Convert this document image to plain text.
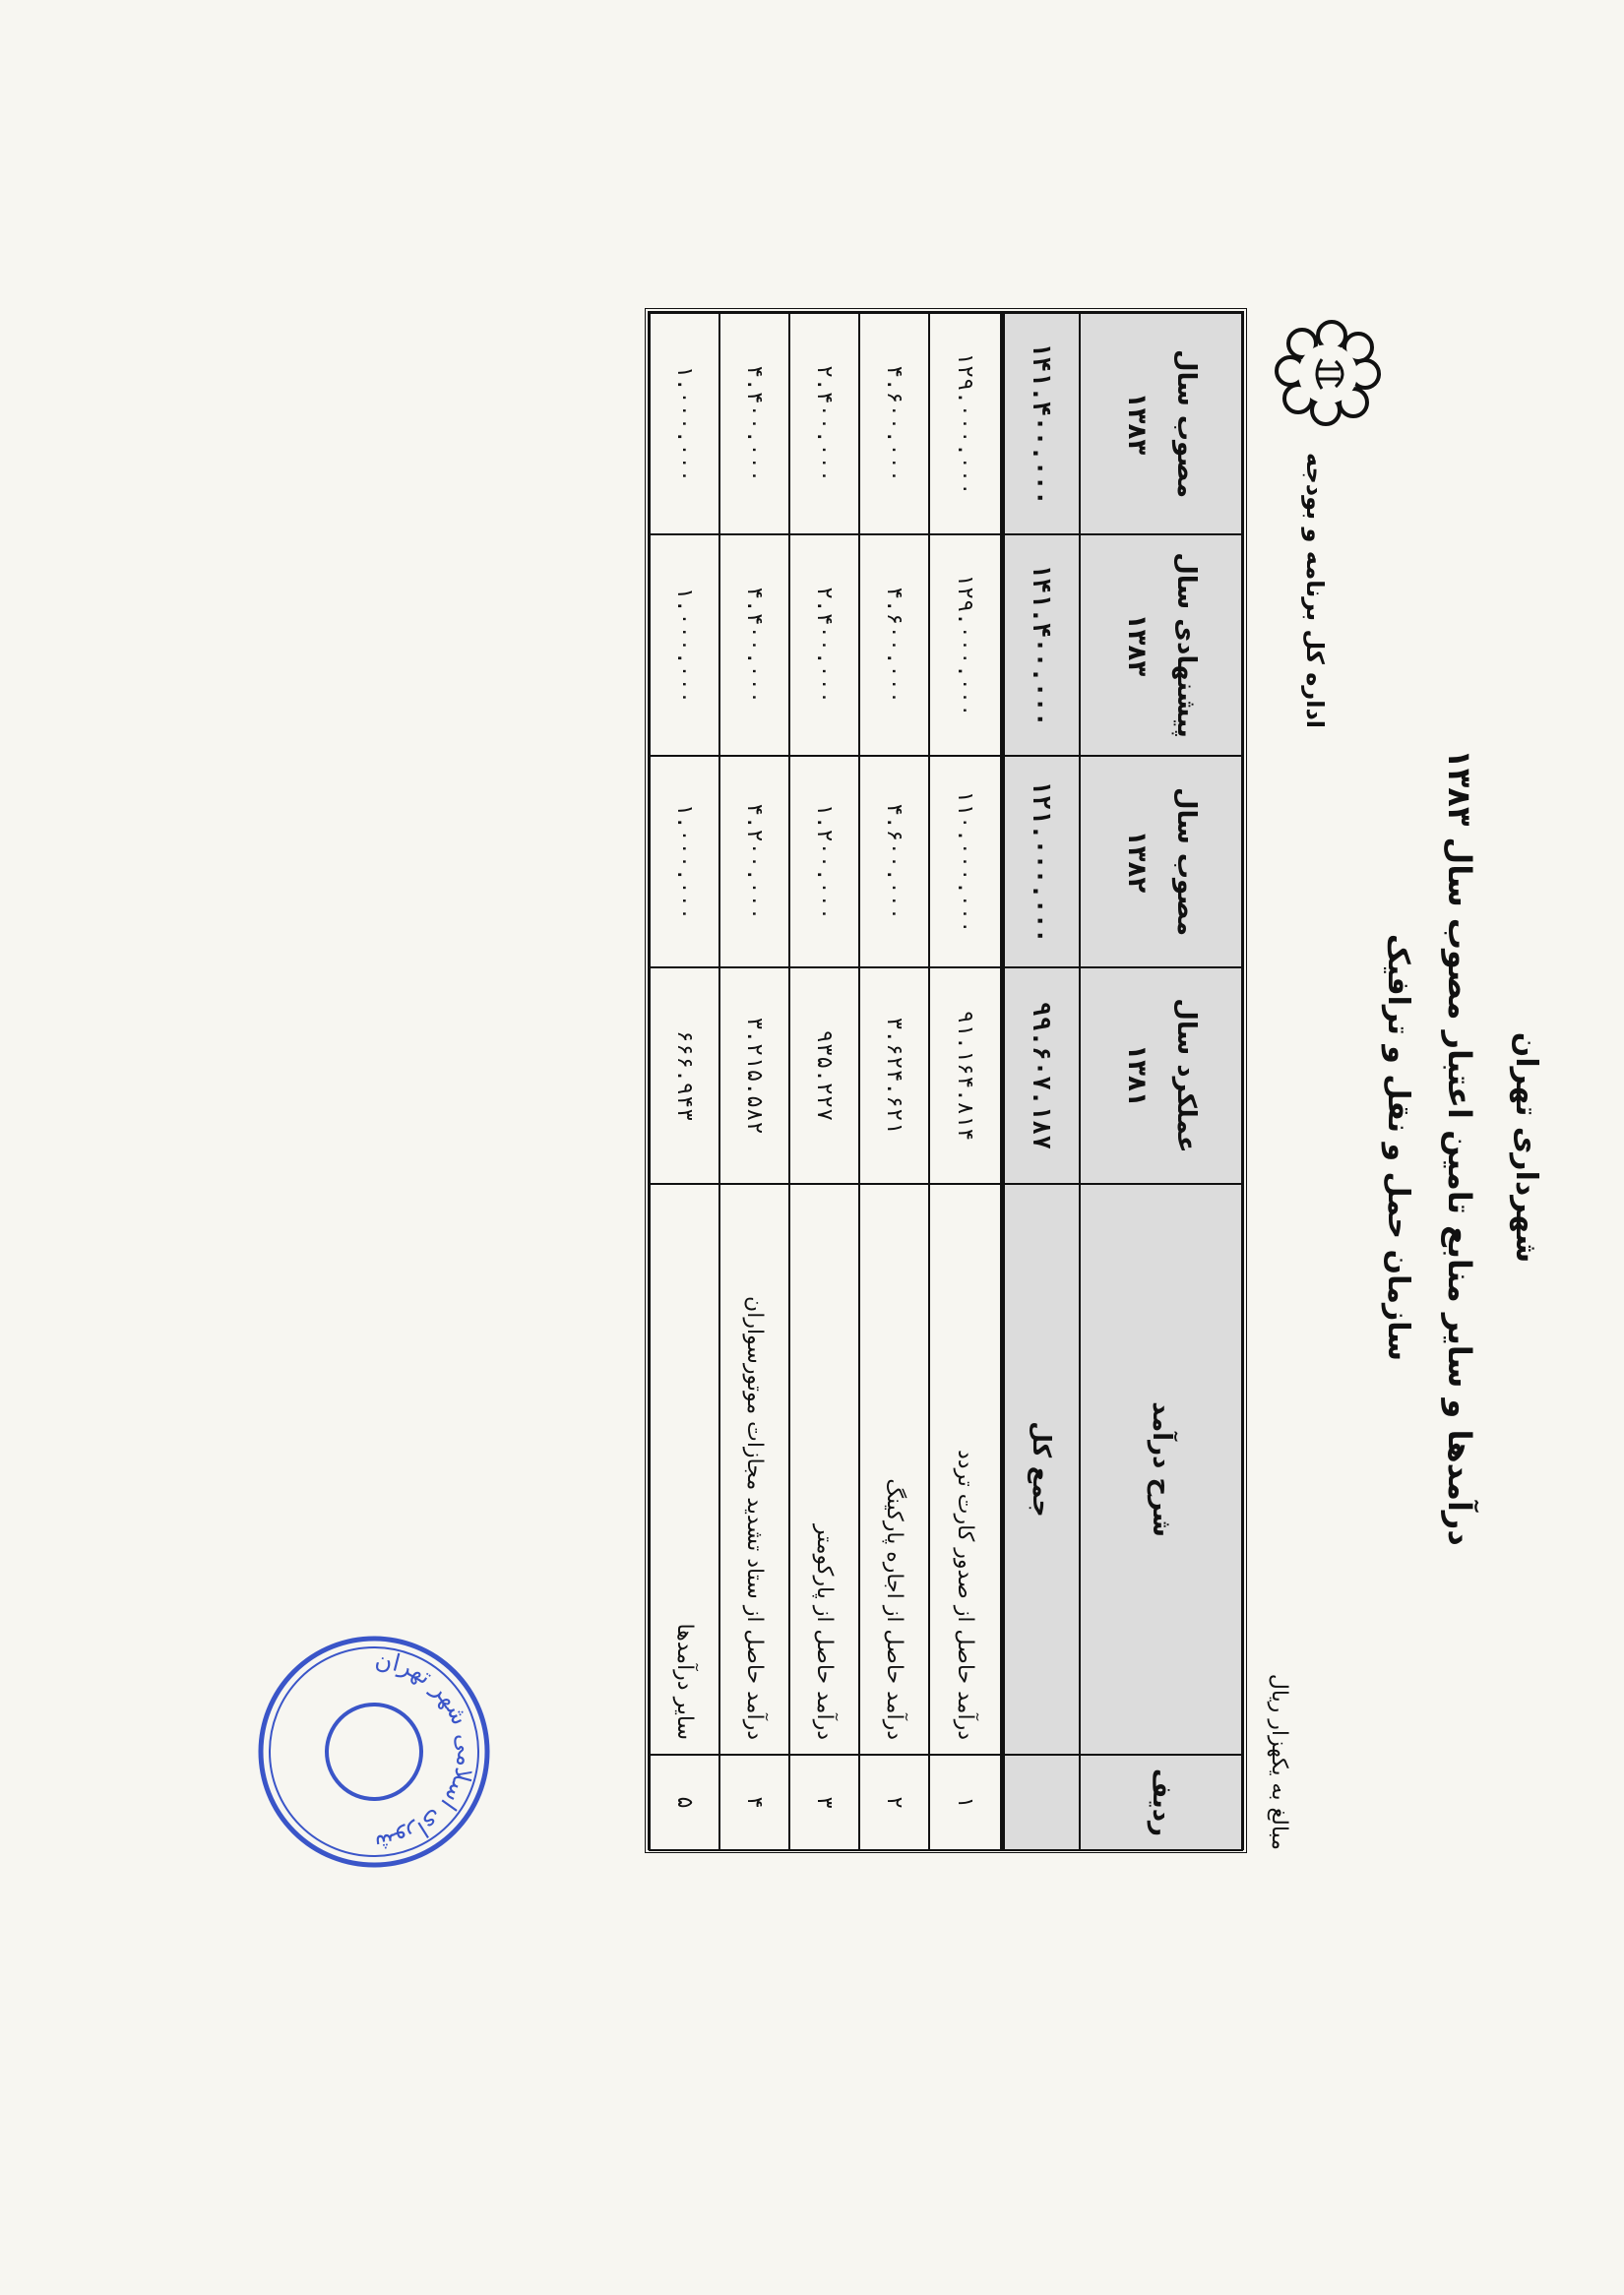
شهرداری تهران
درآمدها و سایر منابع تامین اعتبار مصوب سال ۱۳۸۳
سازمان حمل و نقل و ترافیک
اداره کل برنامه و بودجه
مبالغ به یکهزار ریال
ردیف	شرح درآمد	عملکرد سال ۱۳۸۱	مصوب سال ۱۳۸۲	پیشنهادی سال ۱۳۸۳	مصوب سال ۱۳۸۳
	جمع کل	۹۹.۶۰۷.۱۸۷	۱۲۱.۰۰۰.۰۰۰	۱۴۱.۴۰۰.۰۰۰	۱۴۱.۴۰۰.۰۰۰
۱	درآمد حاصل از صدور کارت تردد	۹۱.۱۶۴.۸۱۴	۱۱۰.۰۰۰.۰۰۰	۱۲۹.۰۰۰.۰۰۰	۱۲۹.۰۰۰.۰۰۰
۲	درآمد حاصل از اجاره پارکینگ	۳.۶۲۴.۶۲۱	۴.۶۰۰.۰۰۰	۴.۶۰۰.۰۰۰	۴.۶۰۰.۰۰۰
۳	درآمد حاصل از پارکومتر	۹۳۵.۲۲۷	۱.۲۰۰.۰۰۰	۲.۴۰۰.۰۰۰	۲.۴۰۰.۰۰۰
۴	درآمد حاصل از ستاد تشدید مجازات موتورسواران	۳.۲۱۵.۵۸۲	۴.۲۰۰.۰۰۰	۴.۴۰۰.۰۰۰	۴.۴۰۰.۰۰۰
۵	سایر درآمدها	۶۶۶.۹۴۳	۱.۰۰۰.۰۰۰	۱.۰۰۰.۰۰۰	۱.۰۰۰.۰۰۰
شورای اسلامی شهر تهران
